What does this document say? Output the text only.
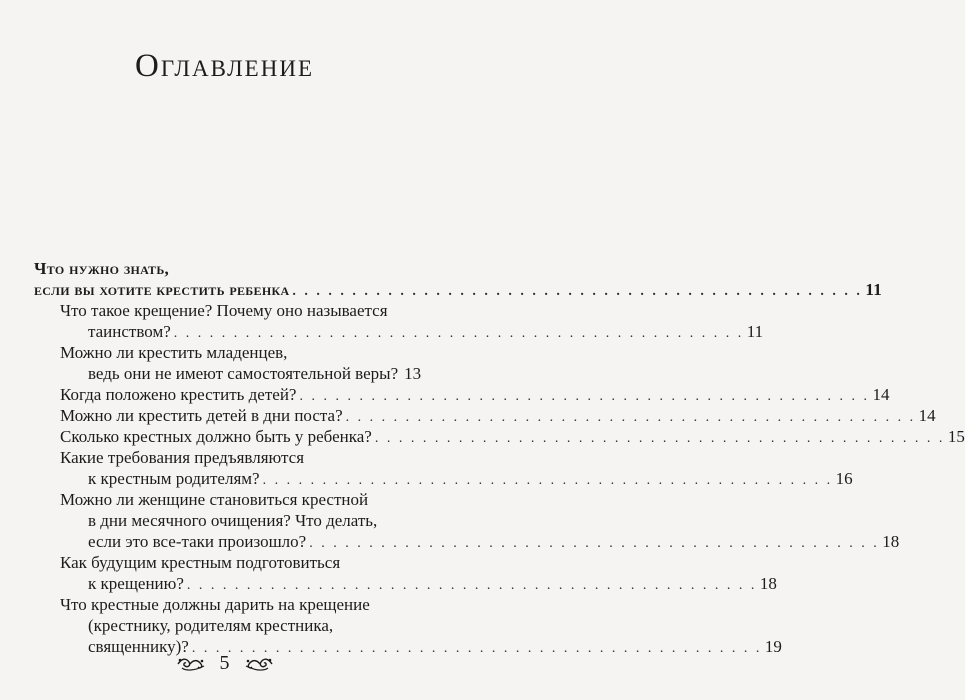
Оглавление
Что нужно знать,
если вы хотите крестить ребенка . . . . . . . . . . . . . . . . . . . . . . . . . . . . . . . . . . . . . . . . . . . . . . . . 11
Что такое крещение? Почему оно называется
таинством? . . . . . . . . . . . . . . . . . . . . . . . . . . . . . . . . . . . . . . . . . . . . . . . . 11
Можно ли крестить младенцев,
ведь они не имеют самостоятельной веры? 13
Когда положено крестить детей? . . . . . . . . . . . . . . . . . . . . . . . . . . . . . . . . . . . . . . . . . . . . . . . . 14
Можно ли крестить детей в дни поста? . . . . . . . . . . . . . . . . . . . . . . . . . . . . . . . . . . . . . . . . . . . . . . . . 14
Сколько крестных должно быть у ребенка? . . . . . . . . . . . . . . . . . . . . . . . . . . . . . . . . . . . . . . . . . . . . . . . . 15
Какие требования предъявляются
к крестным родителям? . . . . . . . . . . . . . . . . . . . . . . . . . . . . . . . . . . . . . . . . . . . . . . . . 16
Можно ли женщине становиться крестной
в дни месячного очищения? Что делать,
если это все-таки произошло? . . . . . . . . . . . . . . . . . . . . . . . . . . . . . . . . . . . . . . . . . . . . . . . . 18
Как будущим крестным подготовиться
к крещению? . . . . . . . . . . . . . . . . . . . . . . . . . . . . . . . . . . . . . . . . . . . . . . . . 18
Что крестные должны дарить на крещение
(крестнику, родителям крестника,
священнику)? . . . . . . . . . . . . . . . . . . . . . . . . . . . . . . . . . . . . . . . . . . . . . . . . 19
5
